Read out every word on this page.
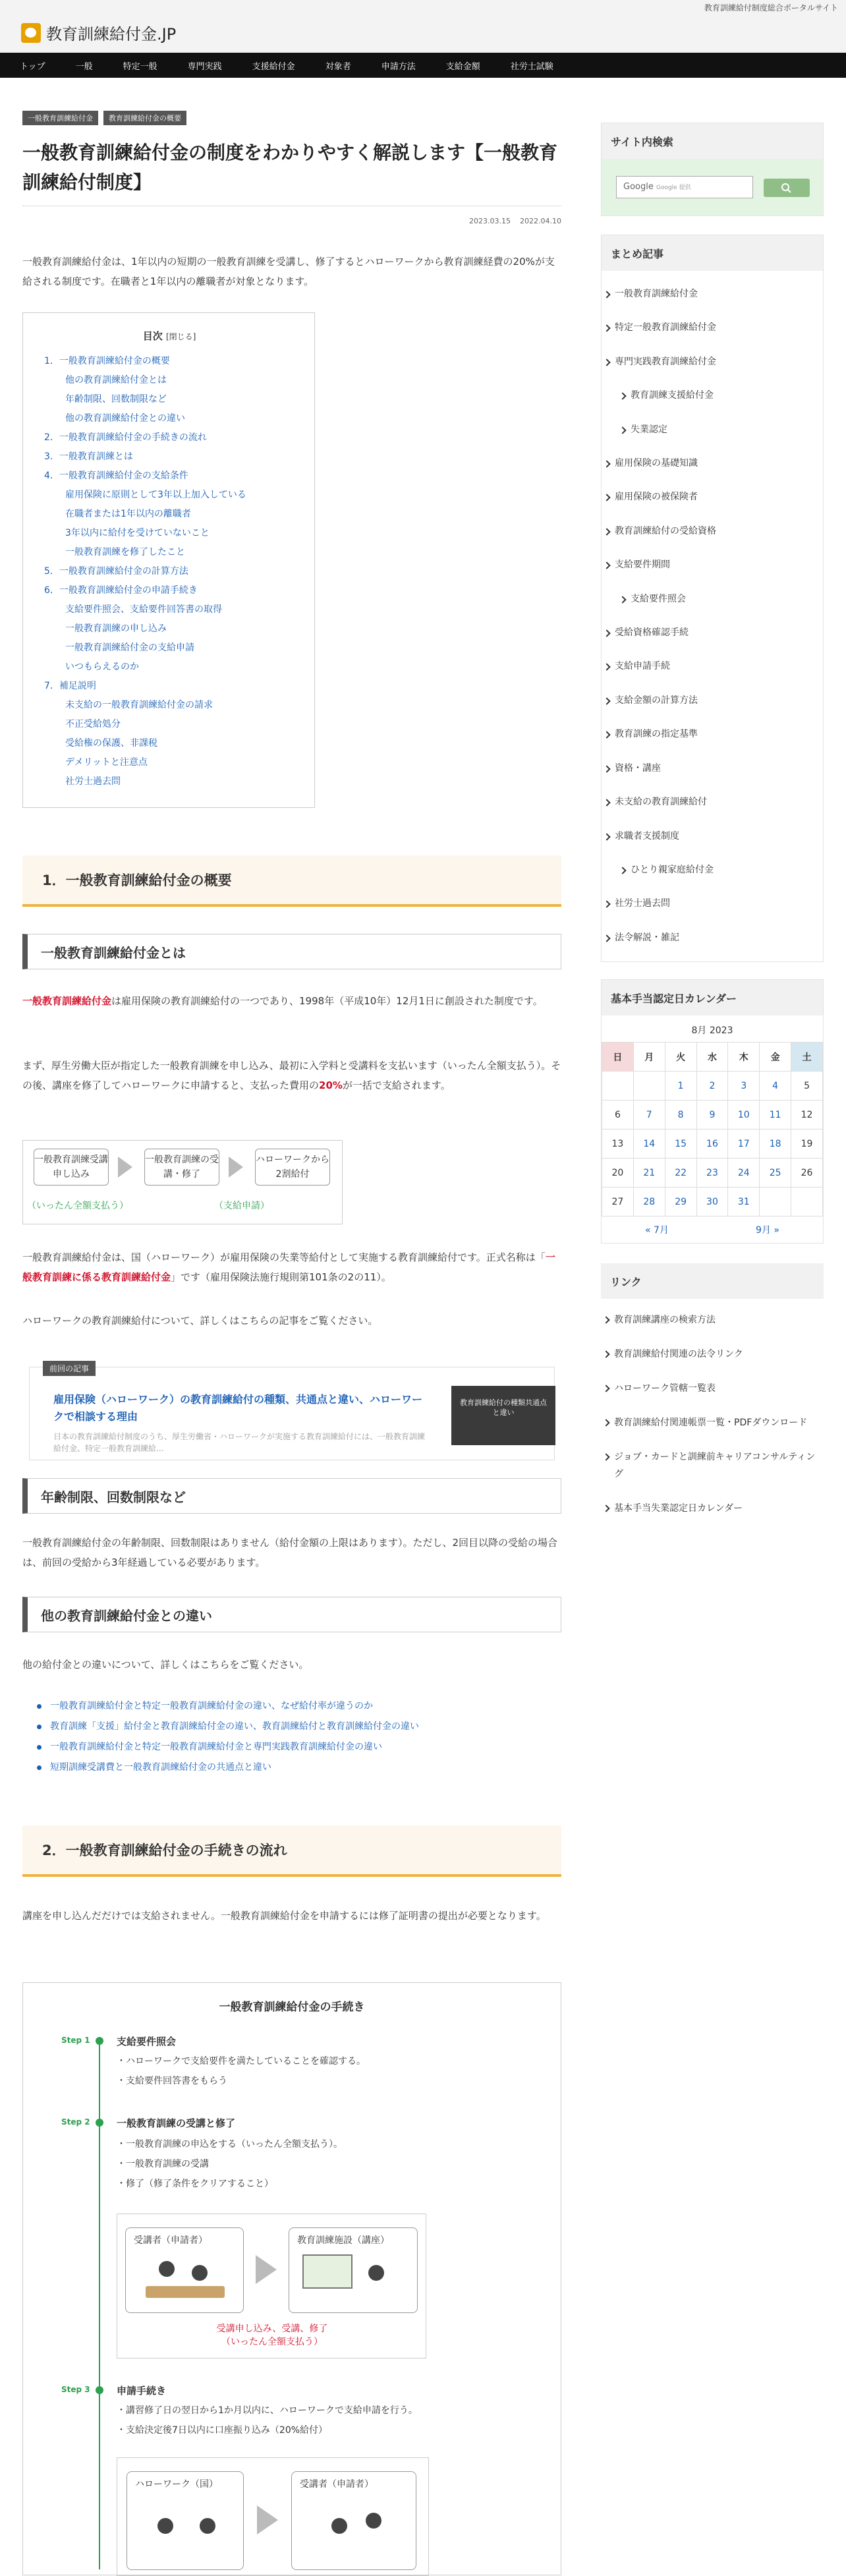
教育訓練給付制度総合ポータルサイト
教育訓練給付金.JP
トップ	一般	特定一般	専門実践	支援給付金	対象者	申請方法	支給金額	社労士試験
一般教育訓練給付金	教育訓練給付金の概要
一般教育訓練給付金の制度をわかりやすく解説します【一般教育訓練給付制度】
2023.03.15 2022.04.10

一般教育訓練給付金は、1年以内の短期の一般教育訓練を受講し、修了するとハローワークから教育訓練経費の20%が支給される制度です。在職者と1年以内の離職者が対象となります。

目次 [閉じる]
1．一般教育訓練給付金の概要
他の教育訓練給付金とは
年齢制限、回数制限など
他の教育訓練給付金との違い
2．一般教育訓練給付金の手続きの流れ
3．一般教育訓練とは
4．一般教育訓練給付金の支給条件
雇用保険に原則として3年以上加入している
在職者または1年以内の離職者
3年以内に給付を受けていないこと
一般教育訓練を修了したこと
5．一般教育訓練給付金の計算方法
6．一般教育訓練給付金の申請手続き
支給要件照会、支給要件回答書の取得
一般教育訓練の申し込み
一般教育訓練給付金の支給申請
いつもらえるのか
7．補足説明
未支給の一般教育訓練給付金の請求
不正受給処分
受給権の保護、非課税
デメリットと注意点
社労士過去問
1．一般教育訓練給付金の概要
一般教育訓練給付金とは

一般教育訓練給付金は雇用保険の教育訓練給付の一つであり、1998年（平成10年）12月1日に創設された制度です。

まず、厚生労働大臣が指定した一般教育訓練を申し込み、最初に入学料と受講料を支払います（いったん全額支払う）。その後、講座を修了してハローワークに申請すると、支払った費用の20%が一括で支給されます。

一般教育訓練受講申し込み
一般教育訓練の受講・修了
ハローワークから2割給付
（いったん全額支払う）	（支給申請）

一般教育訓練給付金は、国（ハローワーク）が雇用保険の失業等給付として実施する教育訓練給付です。正式名称は「一般教育訓練に係る教育訓練給付金」です（雇用保険法施行規則第101条の2の11）。

ハローワークの教育訓練給付について、詳しくはこちらの記事をご覧ください。

前回の記事
雇用保険（ハローワーク）の教育訓練給付の種類、共通点と違い、ハローワークで相談する理由
日本の教育訓練給付制度のうち、厚生労働省・ハローワークが実施する教育訓練給付には、一般教育訓練給付金、特定一般教育訓練給...
教育訓練給付の種類共通点と違い
年齢制限、回数制限など

一般教育訓練給付金の年齢制限、回数制限はありません（給付金額の上限はあります）。ただし、2回目以降の受給の場合は、前回の受給から3年経過している必要があります。

他の教育訓練給付金との違い

他の給付金との違いについて、詳しくはこちらをご覧ください。

一般教育訓練給付金と特定一般教育訓練給付金の違い、なぜ給付率が違うのか
教育訓練「支援」給付金と教育訓練給付金の違い、教育訓練給付と教育訓練給付金の違い
一般教育訓練給付金と特定一般教育訓練給付金と専門実践教育訓練給付金の違い
短期訓練受講費と一般教育訓練給付金の共通点と違い
2．一般教育訓練給付金の手続きの流れ

講座を申し込んだだけでは支給されません。一般教育訓練給付金を申請するには修了証明書の提出が必要となります。

一般教育訓練給付金の手続き
Step 1	支給要件照会
・ハローワークで支給要件を満たしていることを確認する。
・支給要件回答書をもらう
Step 2	一般教育訓練の受講と修了
・一般教育訓練の申込をする（いったん全額支払う）。
・一般教育訓練の受講
・修了（修了条件をクリアすること）
受講者（申請者）	教育訓練施設（講座）
受講申し込み、受講、修了
（いったん全額支払う）
Step 3	申請手続き
・講習修了日の翌日から1か月以内に、ハローワークで支給申請を行う。
・支給決定後7日以内に口座振り込み（20%給付）
ハローワーク（国）	受講者（申請者）
サイト内検索
Google Google 提供
まとめ記事
一般教育訓練給付金
特定一般教育訓練給付金
専門実践教育訓練給付金
教育訓練支援給付金
失業認定
雇用保険の基礎知識
雇用保険の被保険者
教育訓練給付の受給資格
支給要件期間
支給要件照会
受給資格確認手続
支給申請手続
支給金額の計算方法
教育訓練の指定基準
資格・講座
未支給の教育訓練給付
求職者支援制度
ひとり親家庭給付金
社労士過去問
法令解説・雑記
基本手当認定日カレンダー
8月 2023
日	月	火	水	木	金	土
		1	2	3	4	5
6	7	8	9	10	11	12
13	14	15	16	17	18	19
20	21	22	23	24	25	26
27	28	29	30	31		
« 7月	9月 »
リンク
教育訓練講座の検索方法
教育訓練給付関連の法令リンク
ハローワーク管轄一覧表
教育訓練給付関連帳票一覧・PDFダウンロード
ジョブ・カードと訓練前キャリアコンサルティング
基本手当失業認定日カレンダー
